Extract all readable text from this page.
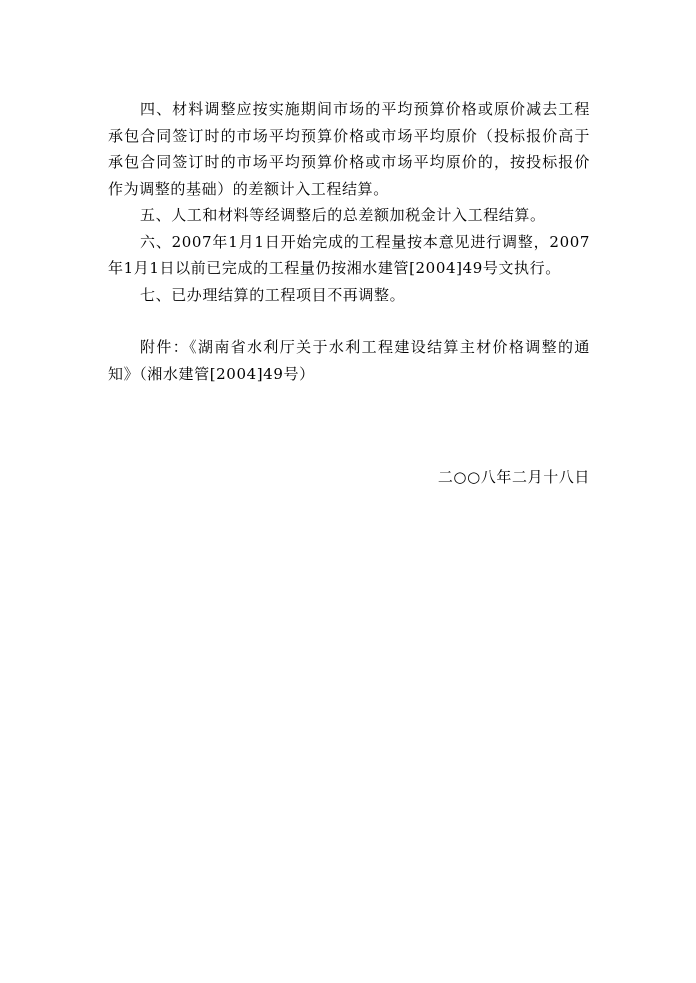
四、材料调整应按实施期间市场的平均预算价格或原价减去工程承包合同签订时的市场平均预算价格或市场平均原价（投标报价高于承包合同签订时的市场平均预算价格或市场平均原价的，按投标报价作为调整的基础）的差额计入工程结算。

五、人工和材料等经调整后的总差额加税金计入工程结算。

六、2007年1月1日开始完成的工程量按本意见进行调整，2007年1月1日以前已完成的工程量仍按湘水建管[2004]49号文执行。

七、已办理结算的工程项目不再调整。

附件：《湖南省水利厅关于水利工程建设结算主材价格调整的通知》（湘水建管[2004]49号）

二○○八年二月十八日
